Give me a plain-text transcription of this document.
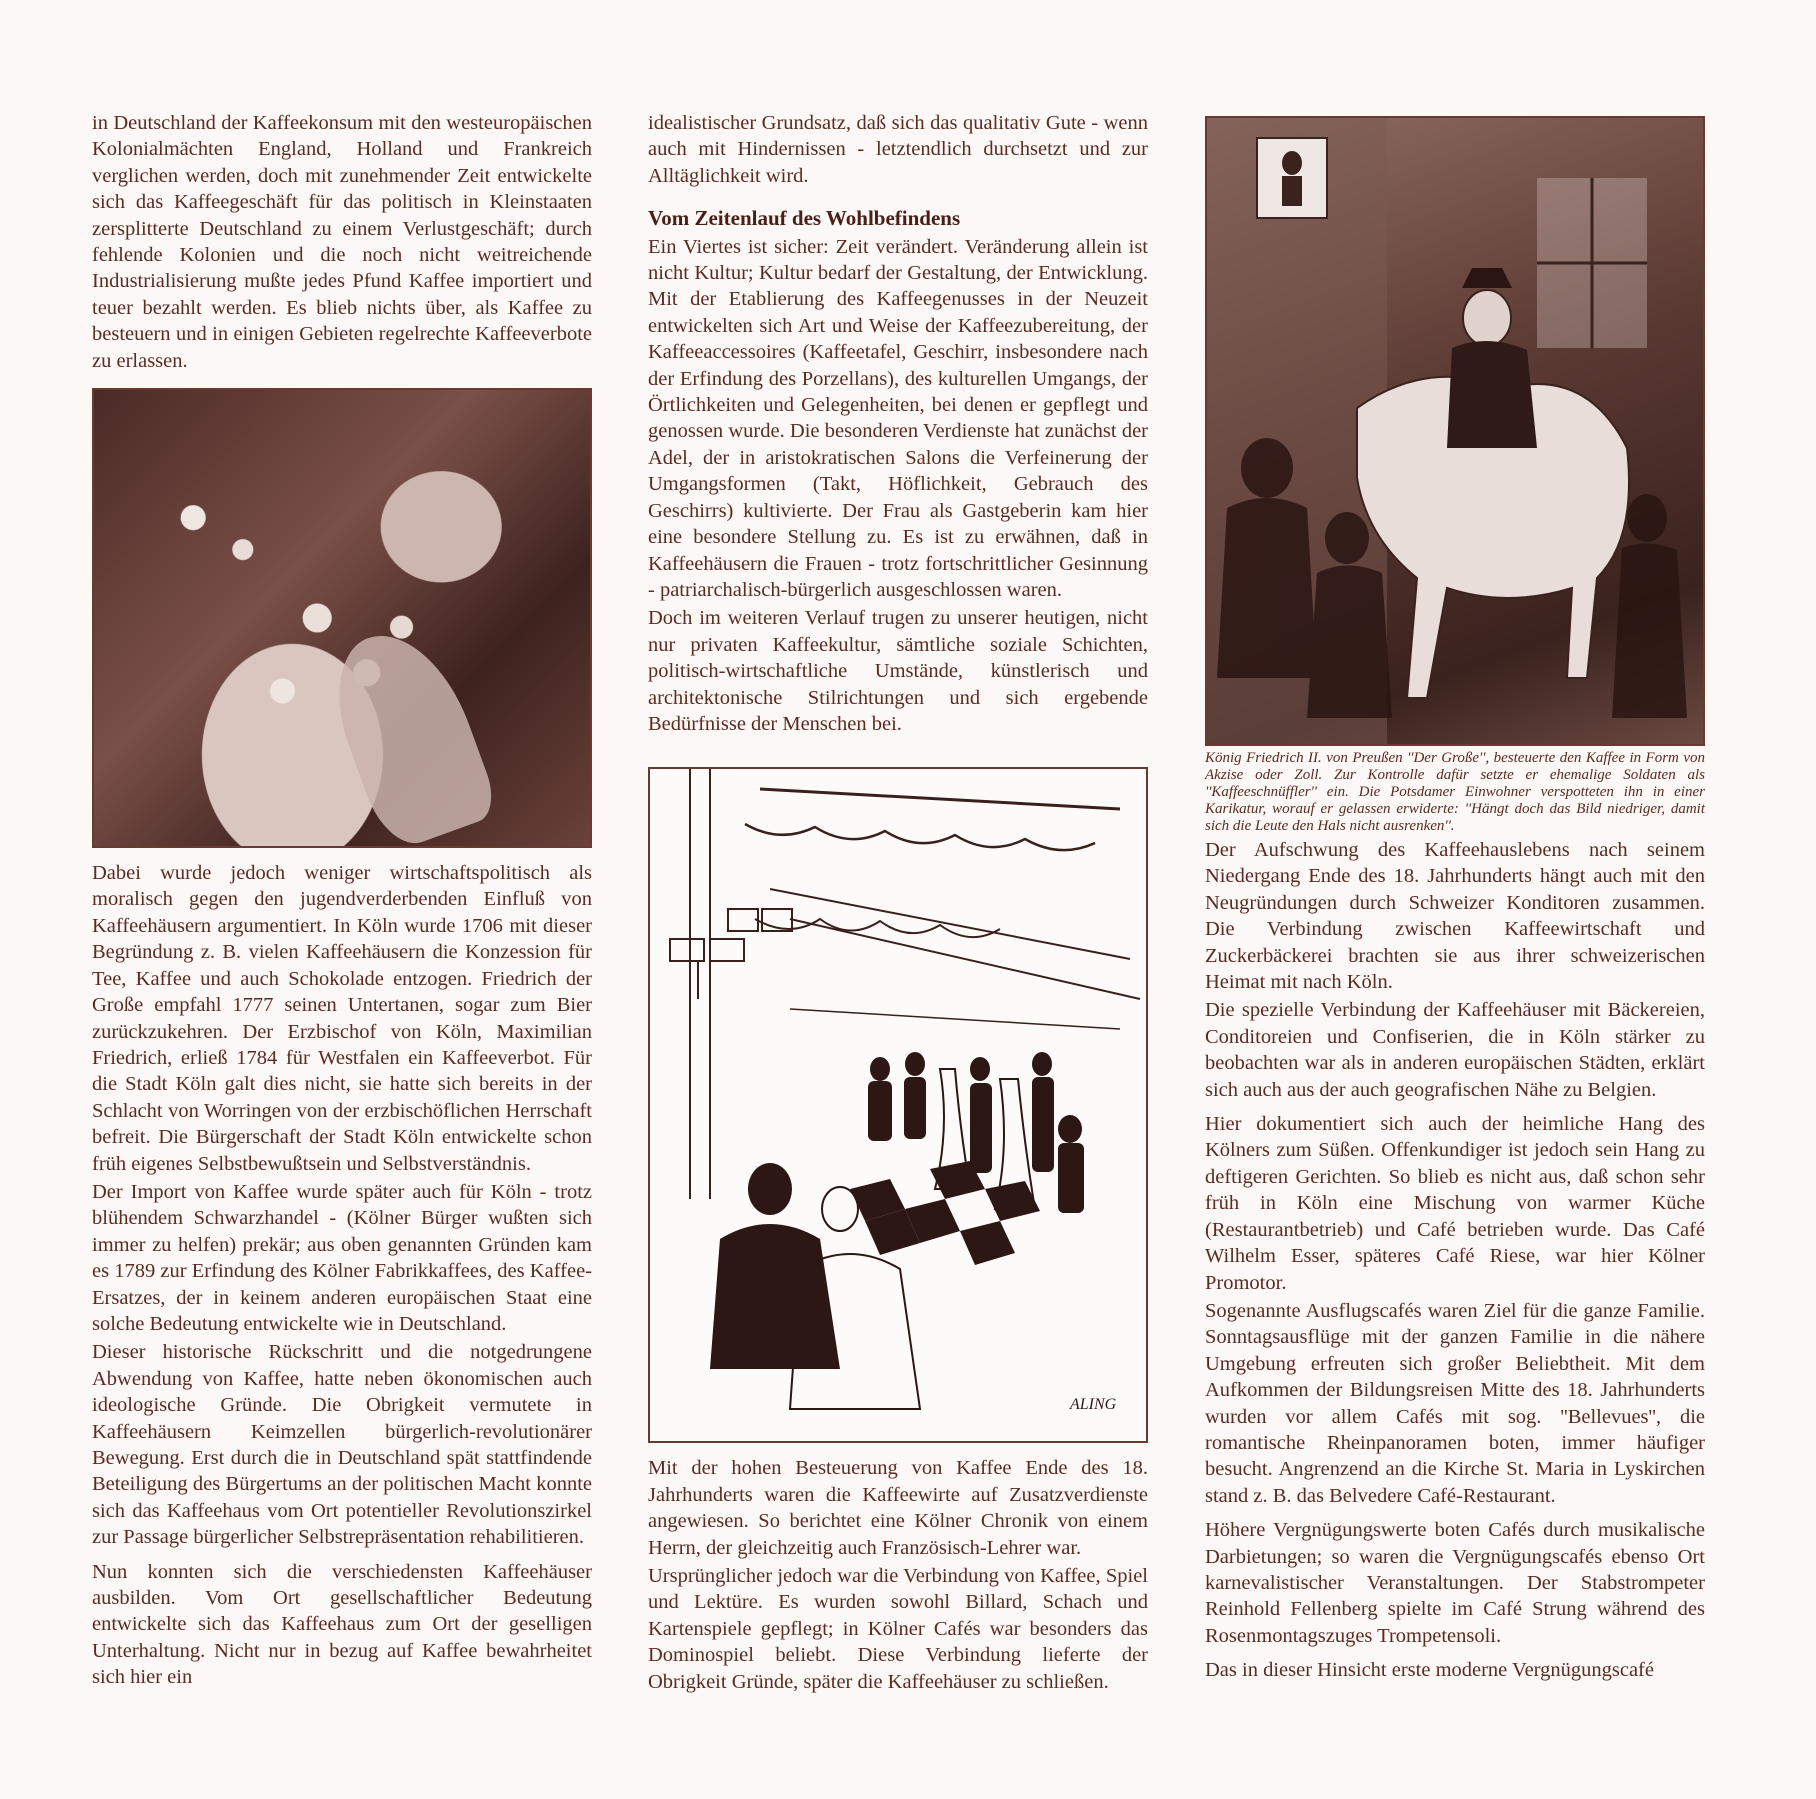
in Deutschland der Kaffeekonsum mit den westeuropäischen Kolonialmächten England, Holland und Frankreich verglichen werden, doch mit zunehmender Zeit entwickelte sich das Kaffeegeschäft für das politisch in Kleinstaaten zersplitterte Deutschland zu einem Verlustgeschäft; durch fehlende Kolonien und die noch nicht weitreichende Industrialisierung mußte jedes Pfund Kaffee importiert und teuer bezahlt werden. Es blieb nichts über, als Kaffee zu besteuern und in einigen Gebieten regelrechte Kaffeeverbote zu erlassen.

Dabei wurde jedoch weniger wirtschaftspolitisch als moralisch gegen den jugendverderbenden Einfluß von Kaffeehäusern argumentiert. In Köln wurde 1706 mit dieser Begründung z. B. vielen Kaffeehäusern die Konzession für Tee, Kaffee und auch Schokolade entzogen. Friedrich der Große empfahl 1777 seinen Untertanen, sogar zum Bier zurückzukehren. Der Erzbischof von Köln, Maximilian Friedrich, erließ 1784 für Westfalen ein Kaffeeverbot. Für die Stadt Köln galt dies nicht, sie hatte sich bereits in der Schlacht von Worringen von der erzbischöflichen Herrschaft befreit. Die Bürgerschaft der Stadt Köln entwickelte schon früh eigenes Selbstbewußtsein und Selbstverständnis.

Der Import von Kaffee wurde später auch für Köln - trotz blühendem Schwarzhandel - (Kölner Bürger wußten sich immer zu helfen) prekär; aus oben genannten Gründen kam es 1789 zur Erfindung des Kölner Fabrikkaffees, des Kaffee-Ersatzes, der in keinem anderen europäischen Staat eine solche Bedeutung entwickelte wie in Deutschland.

Dieser historische Rückschritt und die notgedrungene Abwendung von Kaffee, hatte neben ökonomischen auch ideologische Gründe. Die Obrigkeit vermutete in Kaffeehäusern Keimzellen bürgerlich-revolutionärer Bewegung. Erst durch die in Deutschland spät stattfindende Beteiligung des Bürgertums an der politischen Macht konnte sich das Kaffeehaus vom Ort potentieller Revolutionszirkel zur Passage bürgerlicher Selbstrepräsentation rehabilitieren.

Nun konnten sich die verschiedensten Kaffeehäuser ausbilden. Vom Ort gesellschaftlicher Bedeutung entwickelte sich das Kaffeehaus zum Ort der geselligen Unterhaltung. Nicht nur in bezug auf Kaffee bewahrheitet sich hier ein

idealistischer Grundsatz, daß sich das qualitativ Gute - wenn auch mit Hindernissen - letztendlich durchsetzt und zur Alltäglichkeit wird.

Vom Zeitenlauf des Wohlbefindens

Ein Viertes ist sicher: Zeit verändert. Veränderung allein ist nicht Kultur; Kultur bedarf der Gestaltung, der Entwicklung. Mit der Etablierung des Kaffeegenusses in der Neuzeit entwickelten sich Art und Weise der Kaffeezubereitung, der Kaffeeaccessoires (Kaffeetafel, Geschirr, insbesondere nach der Erfindung des Porzellans), des kulturellen Umgangs, der Örtlichkeiten und Gelegenheiten, bei denen er gepflegt und genossen wurde. Die besonderen Verdienste hat zunächst der Adel, der in aristokratischen Salons die Verfeinerung der Umgangsformen (Takt, Höflichkeit, Gebrauch des Geschirrs) kultivierte. Der Frau als Gastgeberin kam hier eine besondere Stellung zu. Es ist zu erwähnen, daß in Kaffeehäusern die Frauen - trotz fortschrittlicher Gesinnung - patriarchalisch-bürgerlich ausgeschlossen waren.

Doch im weiteren Verlauf trugen zu unserer heutigen, nicht nur privaten Kaffeekultur, sämtliche soziale Schichten, politisch-wirtschaftliche Umstände, künstlerisch und architektonische Stilrichtungen und sich ergebende Bedürfnisse der Menschen bei.

ALING

Mit der hohen Besteuerung von Kaffee Ende des 18. Jahrhunderts waren die Kaffeewirte auf Zusatzverdienste angewiesen. So berichtet eine Kölner Chronik von einem Herrn, der gleichzeitig auch Französisch-Lehrer war.

Ursprünglicher jedoch war die Verbindung von Kaffee, Spiel und Lektüre. Es wurden sowohl Billard, Schach und Kartenspiele gepflegt; in Kölner Cafés war besonders das Dominospiel beliebt. Diese Verbindung lieferte der Obrigkeit Gründe, später die Kaffeehäuser zu schließen.

König Friedrich II. von Preußen ''Der Große'', besteuerte den Kaffee in Form von Akzise oder Zoll. Zur Kontrolle dafür setzte er ehemalige Soldaten als ''Kaffeeschnüffler'' ein. Die Potsdamer Einwohner verspotteten ihn in einer Karikatur, worauf er gelassen erwiderte: ''Hängt doch das Bild niedriger, damit sich die Leute den Hals nicht ausrenken''.

Der Aufschwung des Kaffeehauslebens nach seinem Niedergang Ende des 18. Jahrhunderts hängt auch mit den Neugründungen durch Schweizer Konditoren zusammen. Die Verbindung zwischen Kaffeewirtschaft und Zuckerbäckerei brachten sie aus ihrer schweizerischen Heimat mit nach Köln.

Die spezielle Verbindung der Kaffeehäuser mit Bäckereien, Conditoreien und Confiserien, die in Köln stärker zu beobachten war als in anderen europäischen Städten, erklärt sich auch aus der auch geografischen Nähe zu Belgien.

Hier dokumentiert sich auch der heimliche Hang des Kölners zum Süßen. Offenkundiger ist jedoch sein Hang zu deftigeren Gerichten. So blieb es nicht aus, daß schon sehr früh in Köln eine Mischung von warmer Küche (Restaurantbetrieb) und Café betrieben wurde. Das Café Wilhelm Esser, späteres Café Riese, war hier Kölner Promotor.

Sogenannte Ausflugscafés waren Ziel für die ganze Familie. Sonntagsausflüge mit der ganzen Familie in die nähere Umgebung erfreuten sich großer Beliebtheit. Mit dem Aufkommen der Bildungsreisen Mitte des 18. Jahrhunderts wurden vor allem Cafés mit sog. ''Bellevues'', die romantische Rheinpanoramen boten, immer häufiger besucht. Angrenzend an die Kirche St. Maria in Lyskirchen stand z. B. das Belvedere Café-Restaurant.

Höhere Vergnügungswerte boten Cafés durch musikalische Darbietungen; so waren die Vergnügungscafés ebenso Ort karnevalistischer Veranstaltungen. Der Stabstrompeter Reinhold Fellenberg spielte im Café Strung während des Rosenmontagszuges Trompetensoli.

Das in dieser Hinsicht erste moderne Vergnügungscafé
